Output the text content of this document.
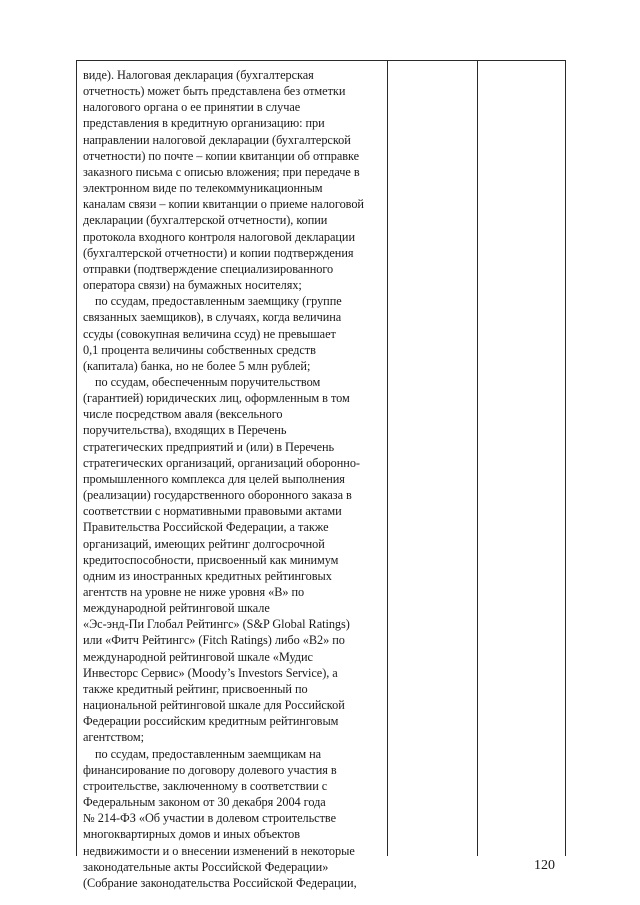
виде). Налоговая декларация (бухгалтерская
отчетность) может быть представлена без отметки
налогового органа о ее принятии в случае
представления в кредитную организацию: при
направлении налоговой декларации (бухгалтерской
отчетности) по почте – копии квитанции об отправке
заказного письма с описью вложения; при передаче в
электронном виде по телекоммуникационным
каналам связи – копии квитанции о приеме налоговой
декларации (бухгалтерской отчетности), копии
протокола входного контроля налоговой декларации
(бухгалтерской отчетности) и копии подтверждения
отправки (подтверждение специализированного
оператора связи) на бумажных носителях;
по ссудам, предоставленным заемщику (группе
связанных заемщиков), в случаях, когда величина
ссуды (совокупная величина ссуд) не превышает
0,1 процента величины собственных средств
(капитала) банка, но не более 5 млн рублей;
по ссудам, обеспеченным поручительством
(гарантией) юридических лиц, оформленным в том
числе посредством аваля (вексельного
поручительства), входящих в Перечень
стратегических предприятий и (или) в Перечень
стратегических организаций, организаций оборонно-
промышленного комплекса для целей выполнения
(реализации) государственного оборонного заказа в
соответствии с нормативными правовыми актами
Правительства Российской Федерации, а также
организаций, имеющих рейтинг долгосрочной
кредитоспособности, присвоенный как минимум
одним из иностранных кредитных рейтинговых
агентств на уровне не ниже уровня «В» по
международной рейтинговой шкале
«Эс-энд-Пи Глобал Рейтингс» (S&P Global Ratings)
или «Фитч Рейтингс» (Fitch Ratings) либо «В2» по
международной рейтинговой шкале «Мудис
Инвесторс Сервис» (Moody’s Investors Service), а
также кредитный рейтинг, присвоенный по
национальной рейтинговой шкале для Российской
Федерации российским кредитным рейтинговым
агентством;
по ссудам, предоставленным заемщикам на
финансирование по договору долевого участия в
строительстве, заключенному в соответствии с
Федеральным законом от 30 декабря 2004 года
№ 214-ФЗ «Об участии в долевом строительстве
многоквартирных домов и иных объектов
недвижимости и о внесении изменений в некоторые
законодательные акты Российской Федерации»
(Собрание законодательства Российской Федерации,
120
